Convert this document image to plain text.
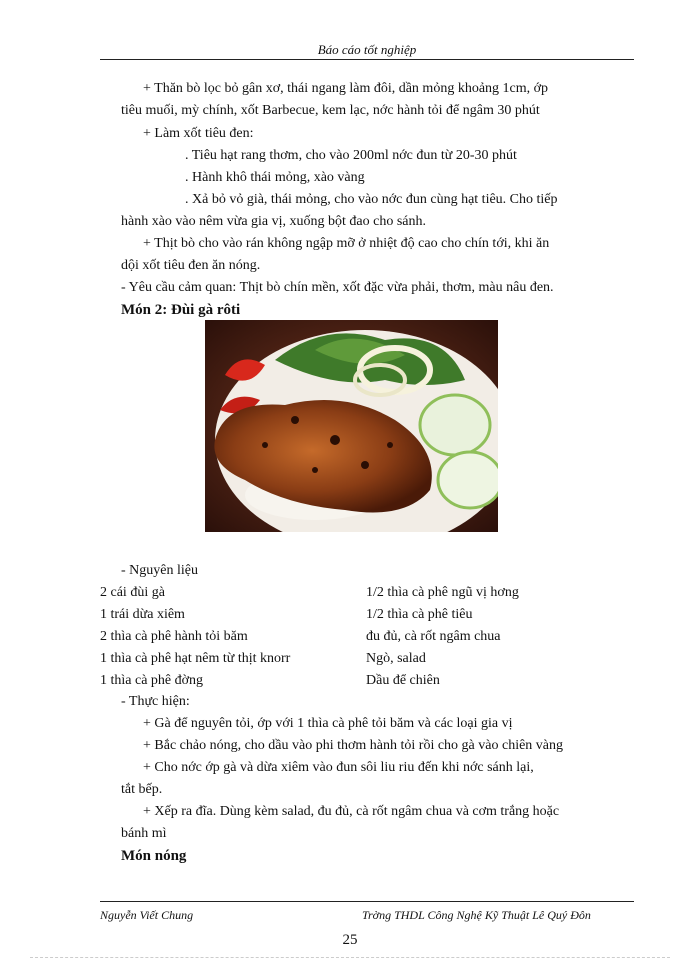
Báo cáo tốt nghiệp
+ Thăn bò lọc bỏ gân xơ, thái ngang làm đôi, dần mỏng khoảng 1cm, ớp
tiêu muối, mỳ chính, xốt Barbecue, kem lạc, nớc hành tỏi để ngâm 30 phút
+ Làm xốt tiêu đen:
. Tiêu hạt rang thơm, cho vào 200ml nớc đun từ 20-30 phút
. Hành khô thái mỏng, xào vàng
. Xả bỏ vỏ già, thái mỏng, cho vào nớc đun cùng hạt tiêu. Cho tiếp
hành xào vào nêm vừa gia vị, xuống bột đao cho sánh.
+ Thịt bò cho vào rán không ngập mỡ ở nhiệt độ cao cho chín tới, khi ăn
dội xốt tiêu đen ăn nóng.
- Yêu cầu cảm quan: Thịt bò chín mền, xốt đặc vừa phải, thơm, màu nâu đen.
Món 2: Đùi gà rôti
- Nguyên liệu
2 cái đùi gà
1 trái dừa xiêm
2 thìa cà phê hành tỏi băm
1 thìa cà phê hạt nêm từ thịt knorr
1 thìa cà phê đờng
1/2 thìa cà phê ngũ vị hơng
1/2 thìa cà phê tiêu
đu đủ, cà rốt ngâm chua
Ngò, salad
Dầu để chiên
- Thực hiện:
+ Gà để nguyên tỏi, ớp với 1 thìa cà phê tỏi băm và các loại gia vị
+ Bắc chảo nóng, cho dầu vào phi thơm hành tỏi rồi cho gà vào chiên vàng
+ Cho nớc ớp gà và dừa xiêm vào đun sôi liu riu đến khi nớc sánh lại,
tắt bếp.
+ Xếp ra đĩa. Dùng kèm salad, đu đủ, cà rốt ngâm chua và cơm trắng hoặc
bánh mì
Món nóng
Nguyễn Viết Chung	Trờng THDL Công Nghệ Kỹ Thuật Lê Quý Đôn
25
